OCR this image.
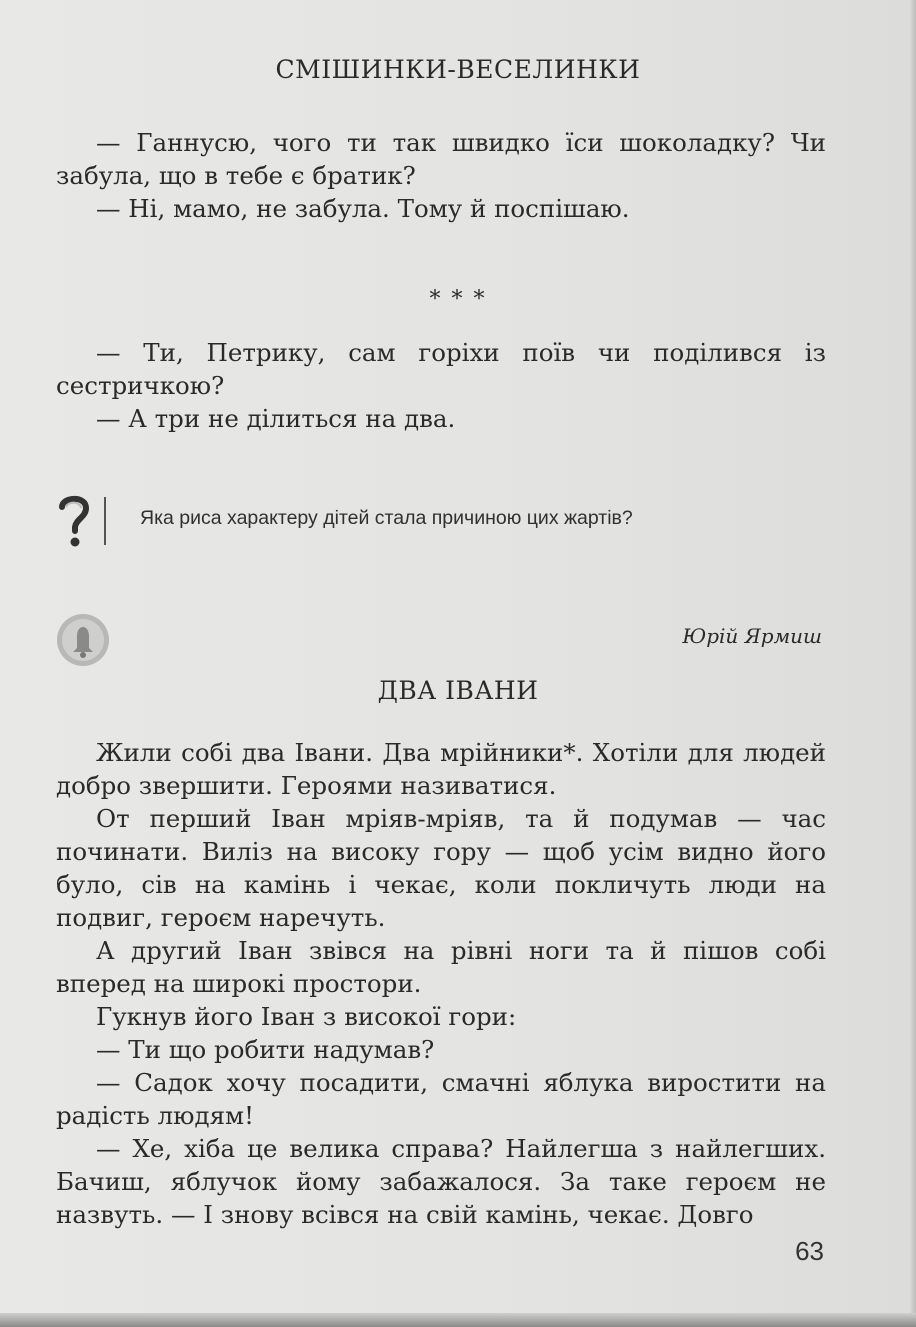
СМІШИНКИ-ВЕСЕЛИНКИ

— Ганнусю, чого ти так швидко їси шоколадку? Чи забула, що в тебе є братик?

— Ні, мамо, не забула. Тому й поспішаю.

* * *

— Ти, Петрику, сам горіхи поїв чи поділився із сестричкою?

— А три не ділиться на два.

Яка риса характеру дітей стала причиною цих жартів?
Юрій Ярмиш
ДВА ІВАНИ

Жили собі два Івани. Два мрійники*. Хотіли для людей добро звершити. Героями називатися.

От перший Іван мріяв-мріяв, та й подумав — час починати. Виліз на високу гору — щоб усім видно його було, сів на камінь і чекає, коли покличуть люди на подвиг, героєм наречуть.

А другий Іван звівся на рівні ноги та й пішов собі вперед на широкі простори.

Гукнув його Іван з високої гори:

— Ти що робити надумав?

— Садок хочу посадити, смачні яблука виростити на радість людям!

— Хе, хіба це велика справа? Найлегша з найлегших. Бачиш, яблучок йому забажалося. За таке героєм не назвуть. — І знову всівся на свій камінь, чекає. Довго

63
